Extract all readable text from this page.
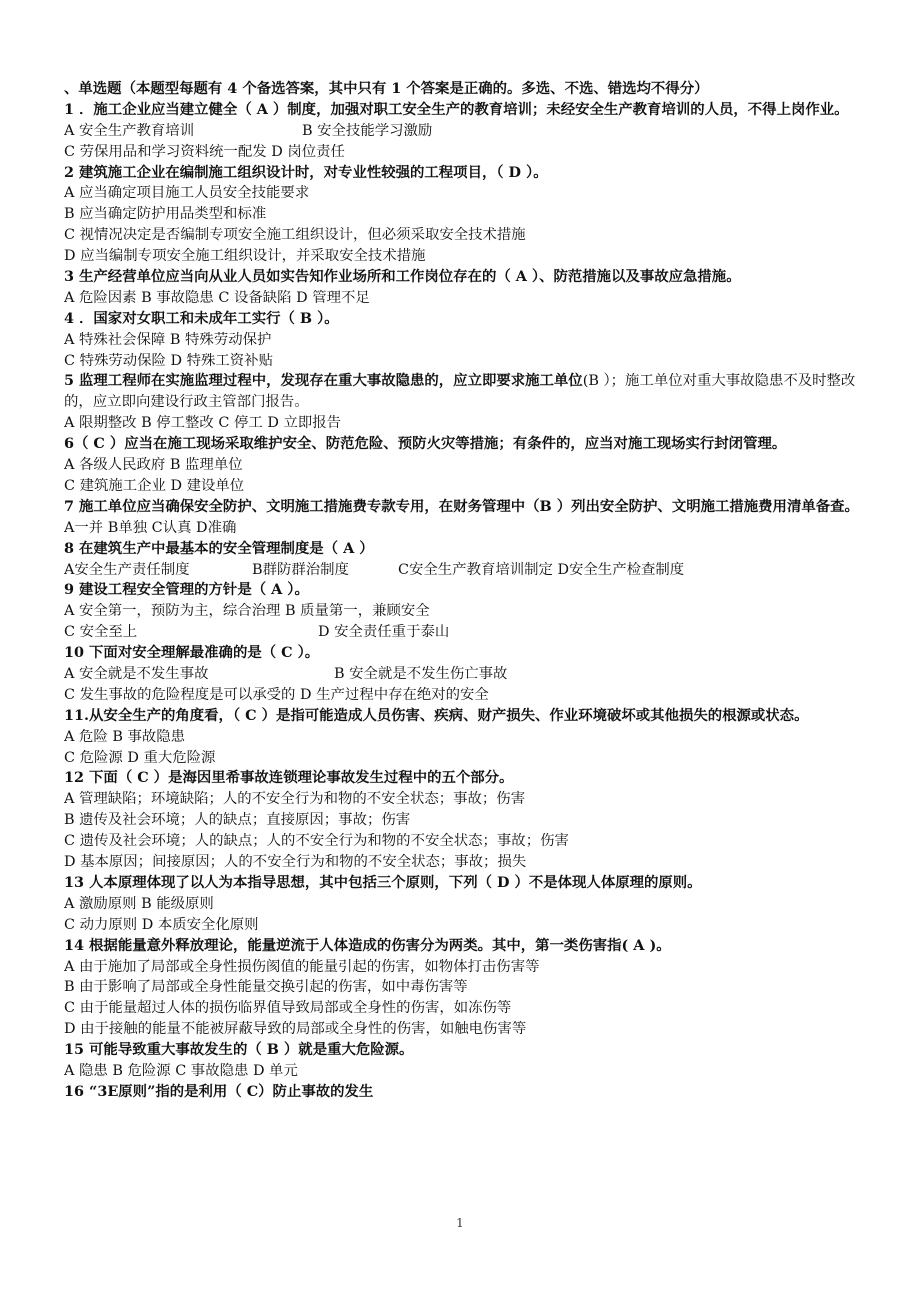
、单选题（本题型每题有 4 个备选答案，其中只有 1 个答案是正确的。多选、不选、错选均不得分）
1 ．施工企业应当建立健全（ A ）制度，加强对职工安全生产的教育培训；未经安全生产教育培训的人员，不得上岗作业。
A 安全生产教育培训	B 安全技能学习激励
C 劳保用品和学习资料统一配发 D 岗位责任
2 建筑施工企业在编制施工组织设计时，对专业性较强的工程项目，（ D ）。
A 应当确定项目施工人员安全技能要求
B 应当确定防护用品类型和标准
C 视情况决定是否编制专项安全施工组织设计，但必须采取安全技术措施
D 应当编制专项安全施工组织设计，并采取安全技术措施
3 生产经营单位应当向从业人员如实告知作业场所和工作岗位存在的（ A ）、防范措施以及事故应急措施。
A 危险因素 B 事故隐患 C 设备缺陷 D 管理不足
4 ．国家对女职工和未成年工实行（ B ）。
A 特殊社会保障 B 特殊劳动保护
C 特殊劳动保险 D 特殊工资补贴
5 监理工程师在实施监理过程中，发现存在重大事故隐患的，应立即要求施工单位(B ）；施工单位对重大事故隐患不及时整改的，应立即向建设行政主管部门报告。
A 限期整改 B 停工整改 C 停工 D 立即报告
6（ C ）应当在施工现场采取维护安全、防范危险、预防火灾等措施；有条件的，应当对施工现场实行封闭管理。
A 各级人民政府 B 监理单位
C 建筑施工企业 D 建设单位
7 施工单位应当确保安全防护、文明施工措施费专款专用，在财务管理中（B ）列出安全防护、文明施工措施费用清单备查。
A一并 B单独 C认真 D准确
8 在建筑生产中最基本的安全管理制度是（ A ）
A安全生产责任制度	B群防群治制度	C安全生产教育培训制定 D安全生产检查制度
9 建设工程安全管理的方针是（ A ）。
A 安全第一，预防为主，综合治理 B 质量第一，兼顾安全
C 安全至上	D 安全责任重于泰山
10 下面对安全理解最准确的是（ C ）。
A 安全就是不发生事故	B 安全就是不发生伤亡事故
C 发生事故的危险程度是可以承受的 D 生产过程中存在绝对的安全
11.从安全生产的角度看，（ C ）是指可能造成人员伤害、疾病、财产损失、作业环境破坏或其他损失的根源或状态。
A 危险 B 事故隐患
C 危险源 D 重大危险源
12 下面（ C ）是海因里希事故连锁理论事故发生过程中的五个部分。
A 管理缺陷；环境缺陷；人的不安全行为和物的不安全状态；事故；伤害
B 遗传及社会环境；人的缺点；直接原因；事故；伤害
C 遗传及社会环境；人的缺点；人的不安全行为和物的不安全状态；事故；伤害
D 基本原因；间接原因；人的不安全行为和物的不安全状态；事故；损失
13 人本原理体现了以人为本指导思想，其中包括三个原则，下列（ D ）不是体现人体原理的原则。
A 激励原则 B 能级原则
C 动力原则 D 本质安全化原则
14 根据能量意外释放理论，能量逆流于人体造成的伤害分为两类。其中，第一类伤害指( A )。
A 由于施加了局部或全身性损伤阂值的能量引起的伤害，如物体打击伤害等
B 由于影响了局部或全身性能量交换引起的伤害，如中毒伤害等
C 由于能量超过人体的损伤临界值导致局部或全身性的伤害，如冻伤等
D 由于接触的能量不能被屏蔽导致的局部或全身性的伤害，如触电伤害等
15 可能导致重大事故发生的（ B ）就是重大危险源。
A 隐患 B 危险源 C 事故隐患 D 单元
16 “3E原则”指的是利用（ C）防止事故的发生
1
